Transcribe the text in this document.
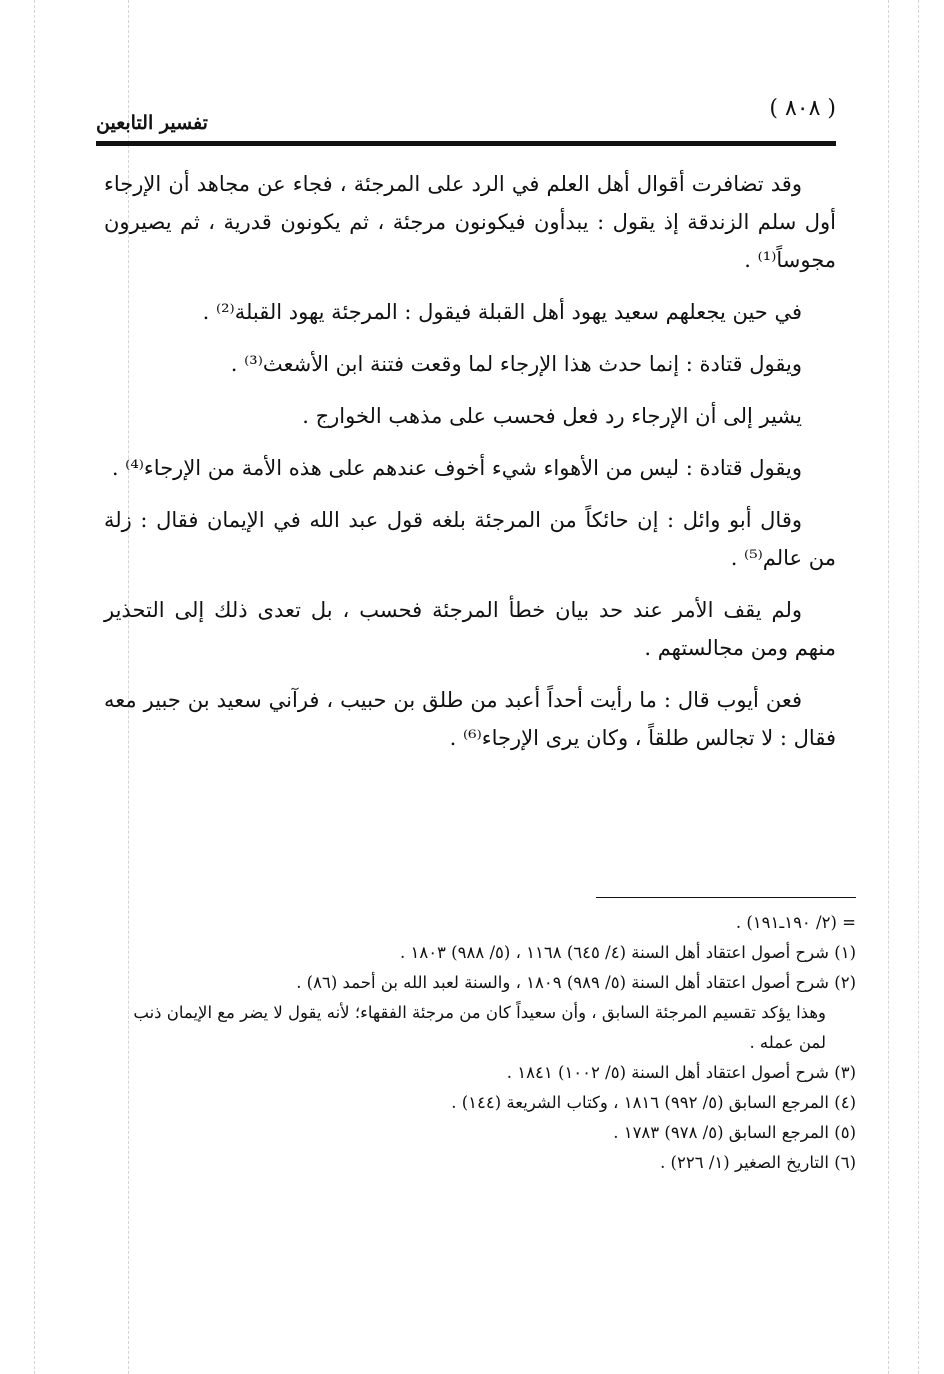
( ٨٠٨ )
تفسير التابعين

وقد تضافرت أقوال أهل العلم في الرد على المرجئة ، فجاء عن مجاهد أن الإرجاء أول سلم الزندقة إذ يقول : يبدأون فيكونون مرجئة ، ثم يكونون قدرية ، ثم يصيرون مجوساً⁽¹⁾ .

في حين يجعلهم سعيد يهود أهل القبلة فيقول : المرجئة يهود القبلة⁽²⁾ .

ويقول قتادة : إنما حدث هذا الإرجاء لما وقعت فتنة ابن الأشعث⁽³⁾ .

يشير إلى أن الإرجاء رد فعل فحسب على مذهب الخوارج .

ويقول قتادة : ليس من الأهواء شيء أخوف عندهم على هذه الأمة من الإرجاء⁽⁴⁾ .

وقال أبو وائل : إن حائكاً من المرجئة بلغه قول عبد الله في الإيمان فقال : زلة من عالم⁽⁵⁾ .

ولم يقف الأمر عند حد بيان خطأ المرجئة فحسب ، بل تعدى ذلك إلى التحذير منهم ومن مجالستهم .

فعن أيوب قال : ما رأيت أحداً أعبد من طلق بن حبيب ، فرآني سعيد بن جبير معه فقال : لا تجالس طلقاً ، وكان يرى الإرجاء⁽⁶⁾ .

= (٢/ ١٩٠ـ١٩١) .

(١) شرح أصول اعتقاد أهل السنة (٤/ ٦٤٥) ١١٦٨ ، (٥/ ٩٨٨) ١٨٠٣ .

(٢) شرح أصول اعتقاد أهل السنة (٥/ ٩٨٩) ١٨٠٩ ، والسنة لعبد الله بن أحمد (٨٦) .

وهذا يؤكد تقسيم المرجئة السابق ، وأن سعيداً كان من مرجئة الفقهاء؛ لأنه يقول لا يضر مع الإيمان ذنب لمن عمله .

(٣) شرح أصول اعتقاد أهل السنة (٥/ ١٠٠٢) ١٨٤١ .

(٤) المرجع السابق (٥/ ٩٩٢) ١٨١٦ ، وكتاب الشريعة (١٤٤) .

(٥) المرجع السابق (٥/ ٩٧٨) ١٧٨٣ .

(٦) التاريخ الصغير (١/ ٢٢٦) .
